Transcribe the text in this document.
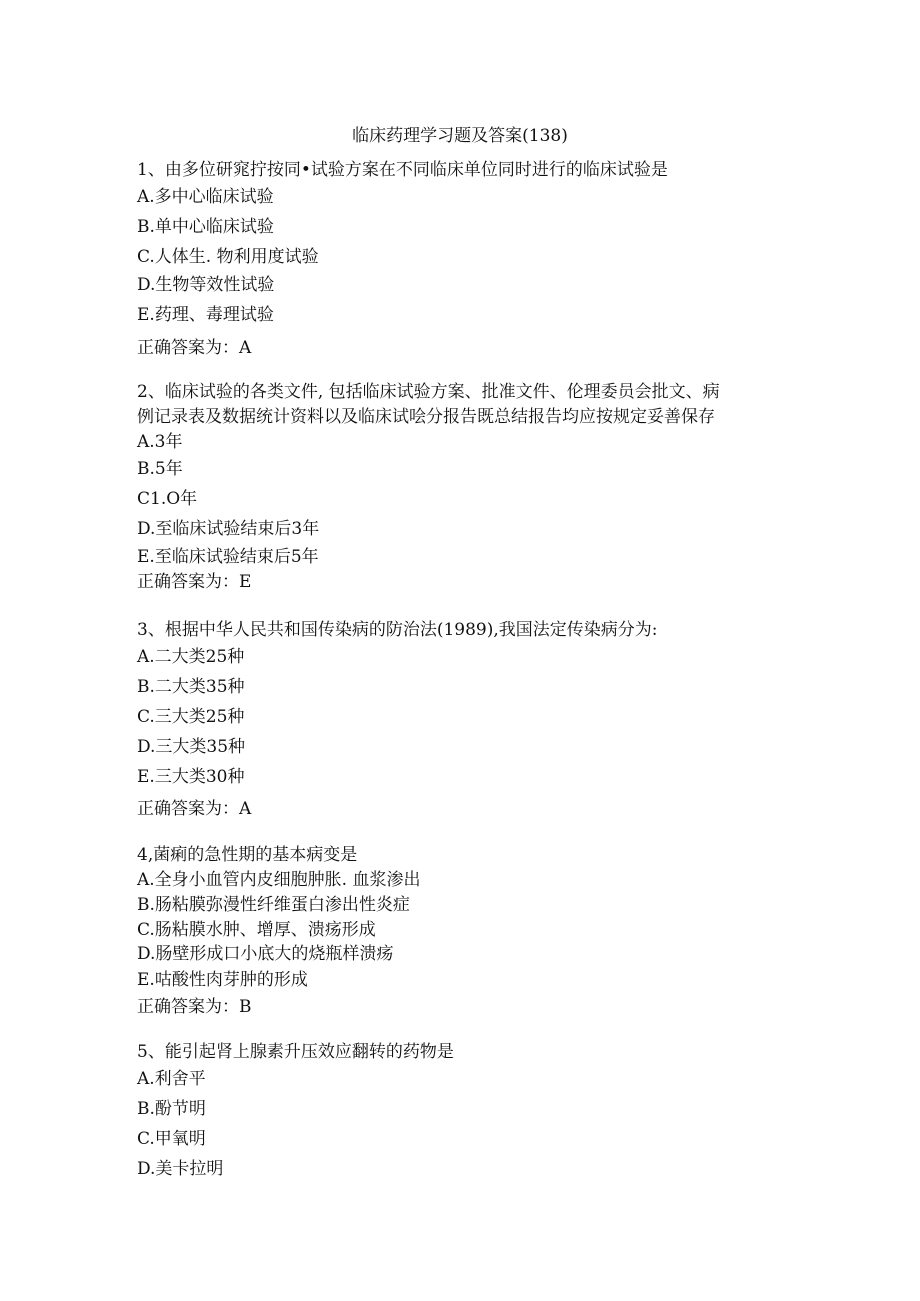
临床药理学习题及答案(138)
1、由多位研窕拧按同•试验方案在不同临床单位同时进行的临床试验是
A.多中心临床试验
B.单中心临床试验
C.人体生. 物利用度试验
D.生物等效性试验
E.药理、毒理试验
正确答案为：A
2、临床试验的各类文件, 包括临床试验方案、批准文件、伦理委员会批文、病
例记录表及数据统计资料以及临床试哙分报告既总结报告均应按规定妥善保存
A.3年
B.5年
C1.O年
D.至临床试验结束后3年
E.至临床试验结束后5年
正确答案为：E
3、根据中华人民共和国传染病的防治法(1989),我国法定传染病分为:
A.二大类25种
B.二大类35种
C.三大类25种
D.三大类35种
E.三大类30种
正确答案为：A
4,菌痢的急性期的基本病变是
A.全身小血管内皮细胞肿胀. 血浆渗出
B.肠粘膜弥漫性纤维蛋白渗出性炎症
C.肠粘膜水肿、增厚、溃疡形成
D.肠壁形成口小底大的烧瓶样溃疡
E.咕酸性肉芽肿的形成
正确答案为：B
5、能引起肾上腺素升压效应翻转的药物是
A.利舍平
B.酚节明
C.甲氧明
D.美卡拉明
